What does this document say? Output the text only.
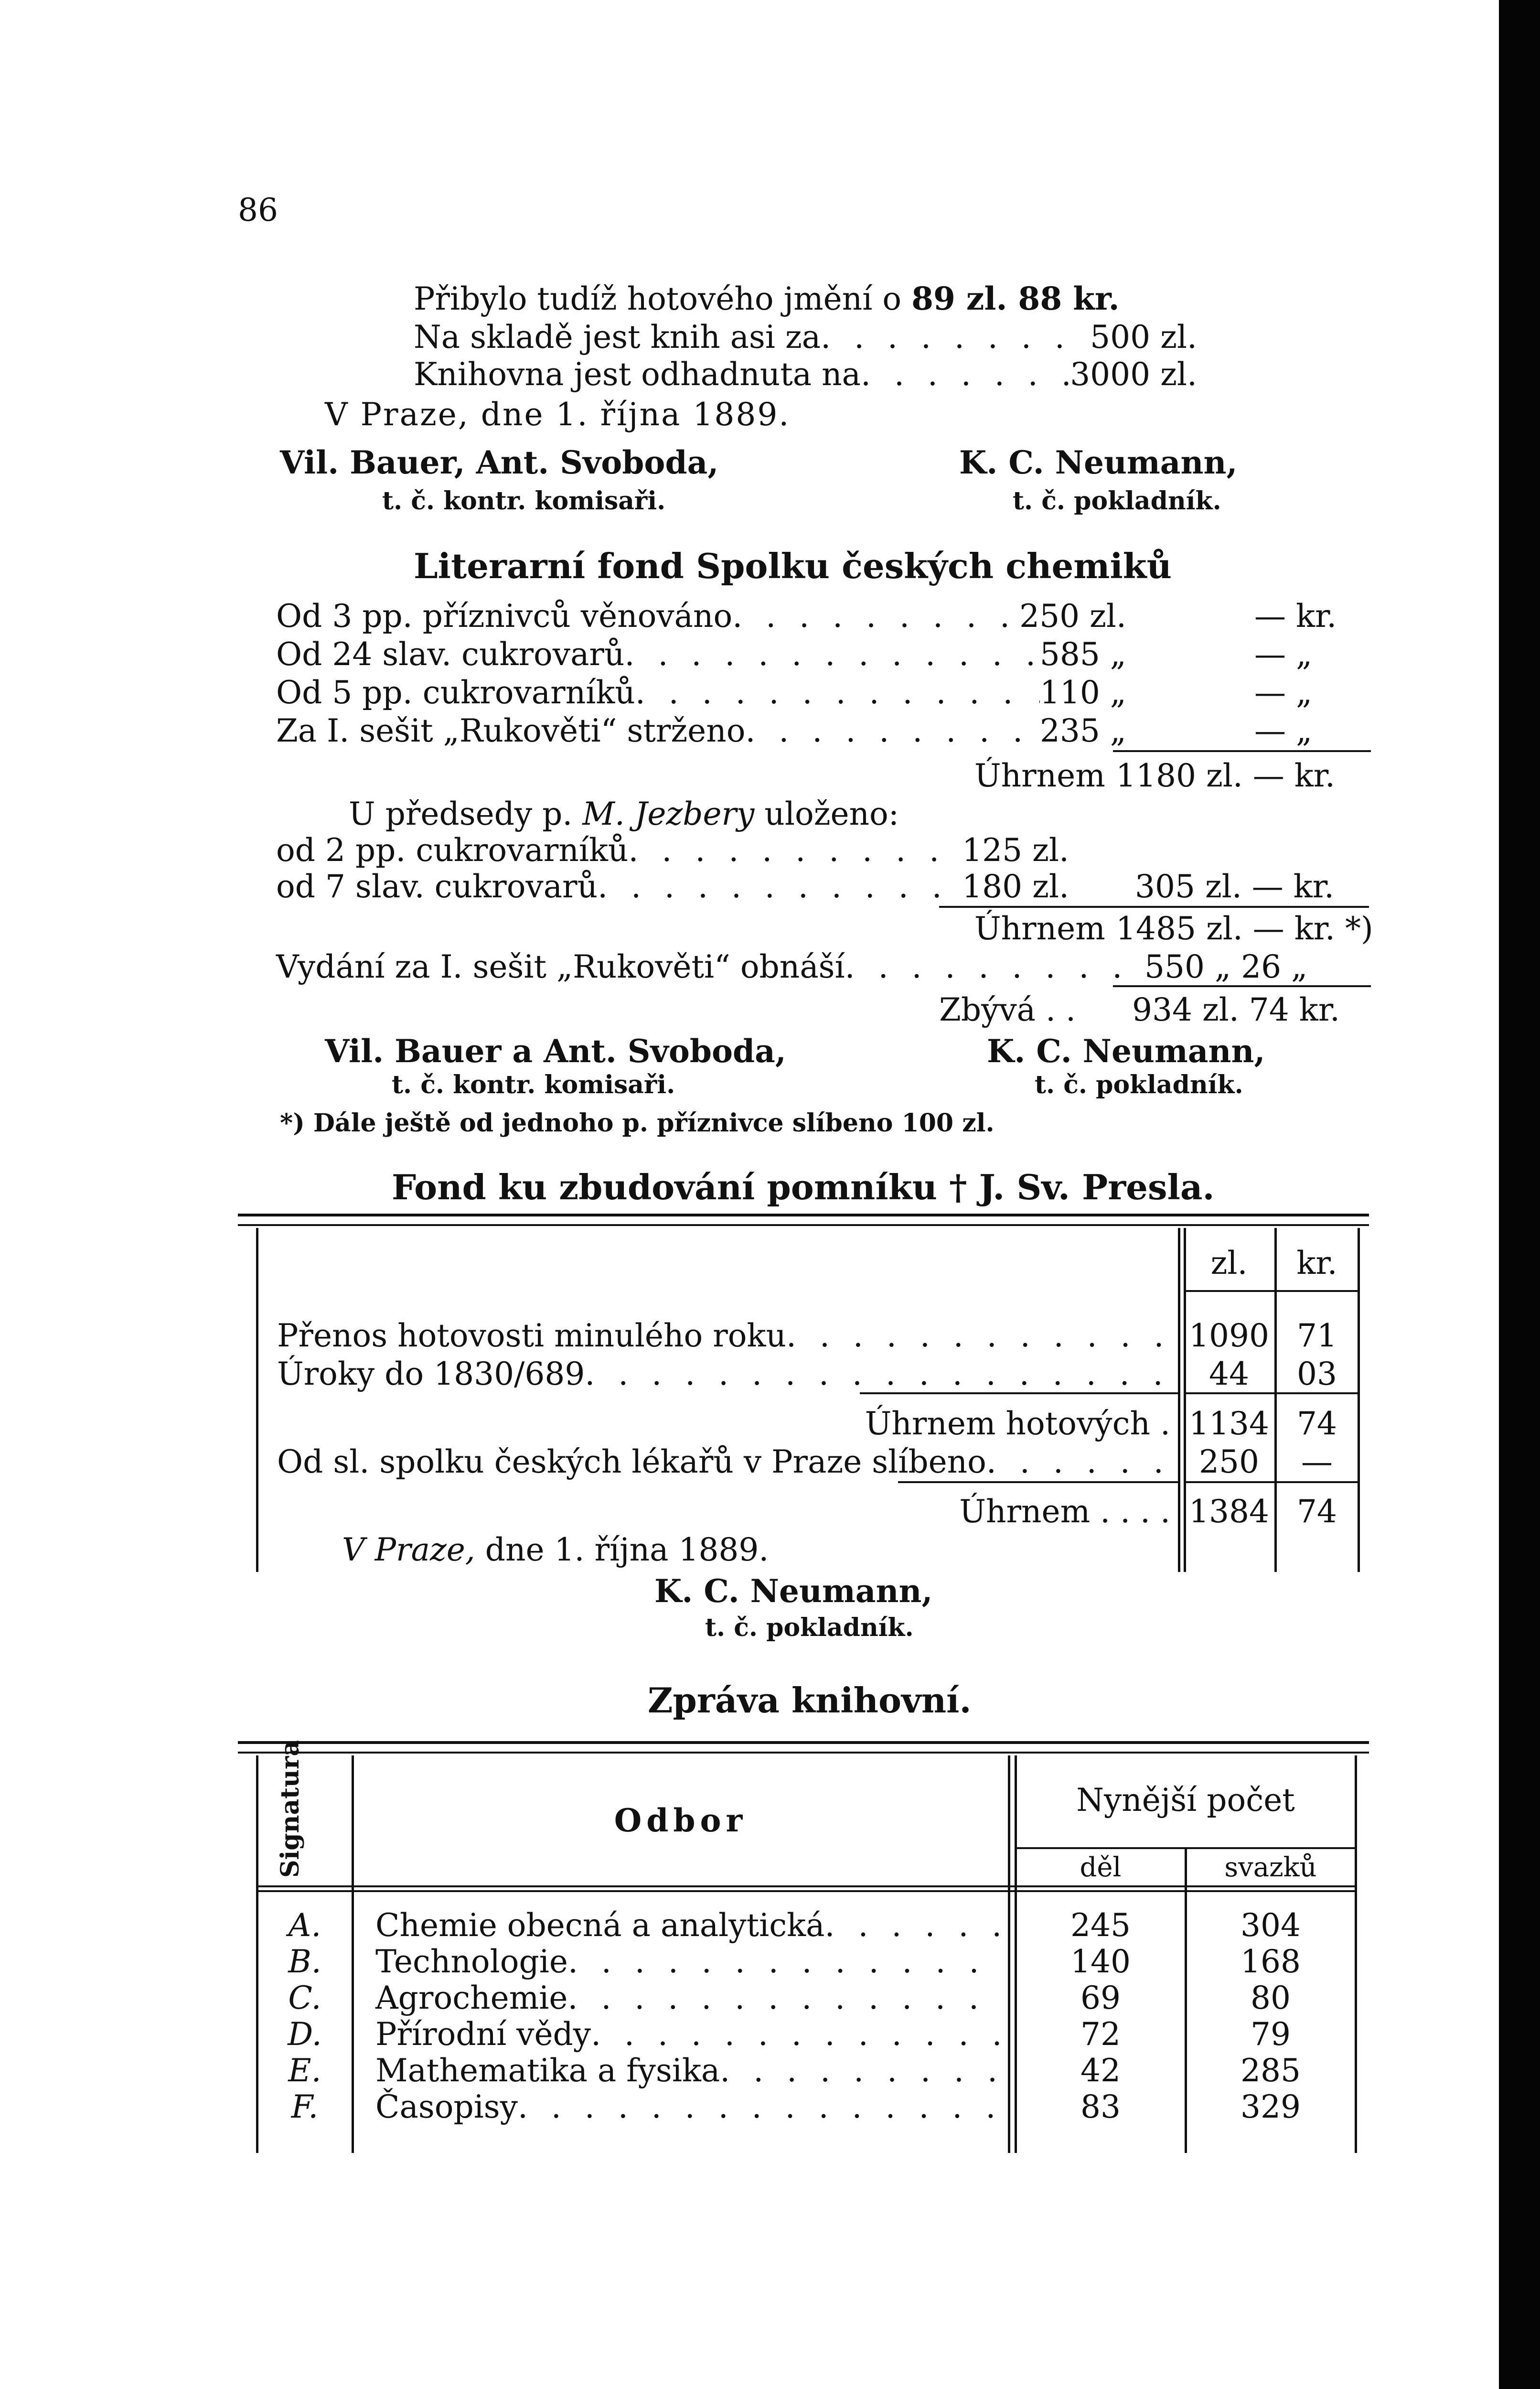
86
Přibylo tudíž hotového jmění o 89 zl. 88 kr.
Na skladě jest knih asi za . . .	500 zl.
Knihovna jest odhadnuta na . . .	3000 zl.
V Praze, dne 1. října 1889.
Vil. Bauer, Ant. Svoboda,
t. č. kontr. komisaři.
K. C. Neumann,
t. č. pokladník.
Literarní fond Spolku českých chemiků
Od 3 pp. příznivců věnováno . . .	250 zl.	— kr.
Od 24 slav. cukrovarů . . .	585 „	— „
Od 5 pp. cukrovarníků . . .	110 „	— „
Za I. sešit „Rukověti“ strženo . . .	235 „	— „
Úhrnem 1180 zl. — kr.
U předsedy p. M. Jezbery uloženo:
od 2 pp. cukrovarníků . . .	125 zl.
od 7 slav. cukrovarů . . .	180 zl. 305 zl. — kr.
Úhrnem 1485 zl. — kr. *)
Vydání za I. sešit „Rukověti“ obnáší . . .	550 „ 26 „
Zbývá . . 934 zl. 74 kr.
Vil. Bauer a Ant. Svoboda,
t. č. kontr. komisaři.
K. C. Neumann,
t. č. pokladník.
*) Dále ještě od jednoho p. příznivce slíbeno 100 zl.
Fond ku zbudování pomníku † J. Sv. Presla.
zl.	kr.
Přenos hotovosti minulého roku . . .	1090 71
Úroky do 1830/689 . . .	44	03
Úhrnem hotových . 1134 74
Od sl. spolku českých lékařů v Praze slíbeno . . .	250	—
Úhrnem . . . . 1384 74
V Praze, dne 1. října 1889.
K. C. Neumann,
t. č. pokladník.
Zpráva knihovní.
Signatura	Odbor
Nynější počet
děl	svazků
A.	Chemie obecná a analytická . . .	245	304
B.	Technologie . . .	140	168
C.	Agrochemie . . .	69	80
D.	Přírodní vědy . . .	72	79
E.	Mathematika a fysika . . .	42	285
F.	Časopisy . . .	83	329
